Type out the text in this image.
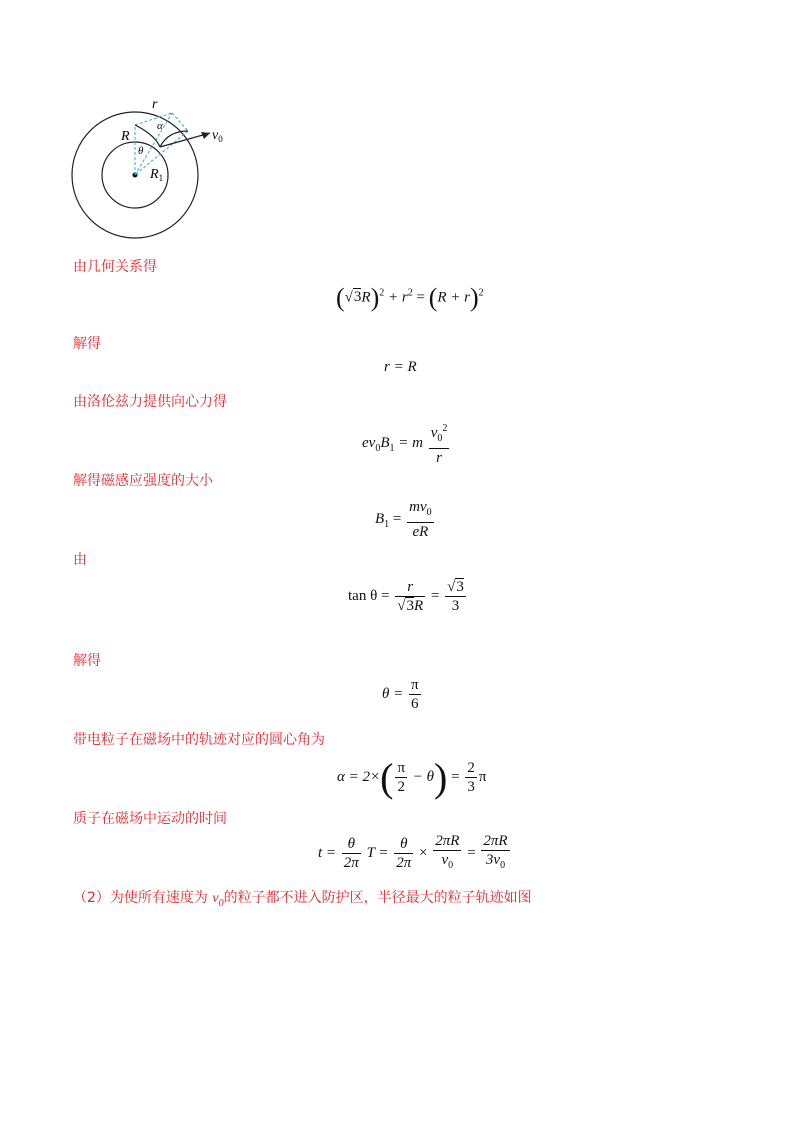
r
R
α
θ
$R_1$
$v_0$
由几何关系得
$(√3R)^2 + r^2 = (R + r)^2$
解得
r = R
由洛伦兹力提供向心力得
$ev_0B_1 = m \frac{v_0^2}{r}$
解得磁感应强度的大小
$B_1 = \frac{mv_0}{eR}$
由
$\tan \theta = \frac{r}{√3R} = \frac{√3}{3}$
解得
$\theta = \frac{\pi}{6}$
带电粒子在磁场中的轨迹对应的圆心角为
$\alpha = 2\times( \frac{\pi}{2} - \theta) = \frac{2}{3}$ π
质子在磁场中运动的时间
$t = \frac{\theta}{2\pi}$ $T = \frac{\theta}{2\pi} \times \frac{2\pi R}{v_0} = \frac{2\pi R}{3v_0}$
（2）为使所有速度为 $v_0$的粒子都不进入防护区，半径最大的粒子轨迹如图
